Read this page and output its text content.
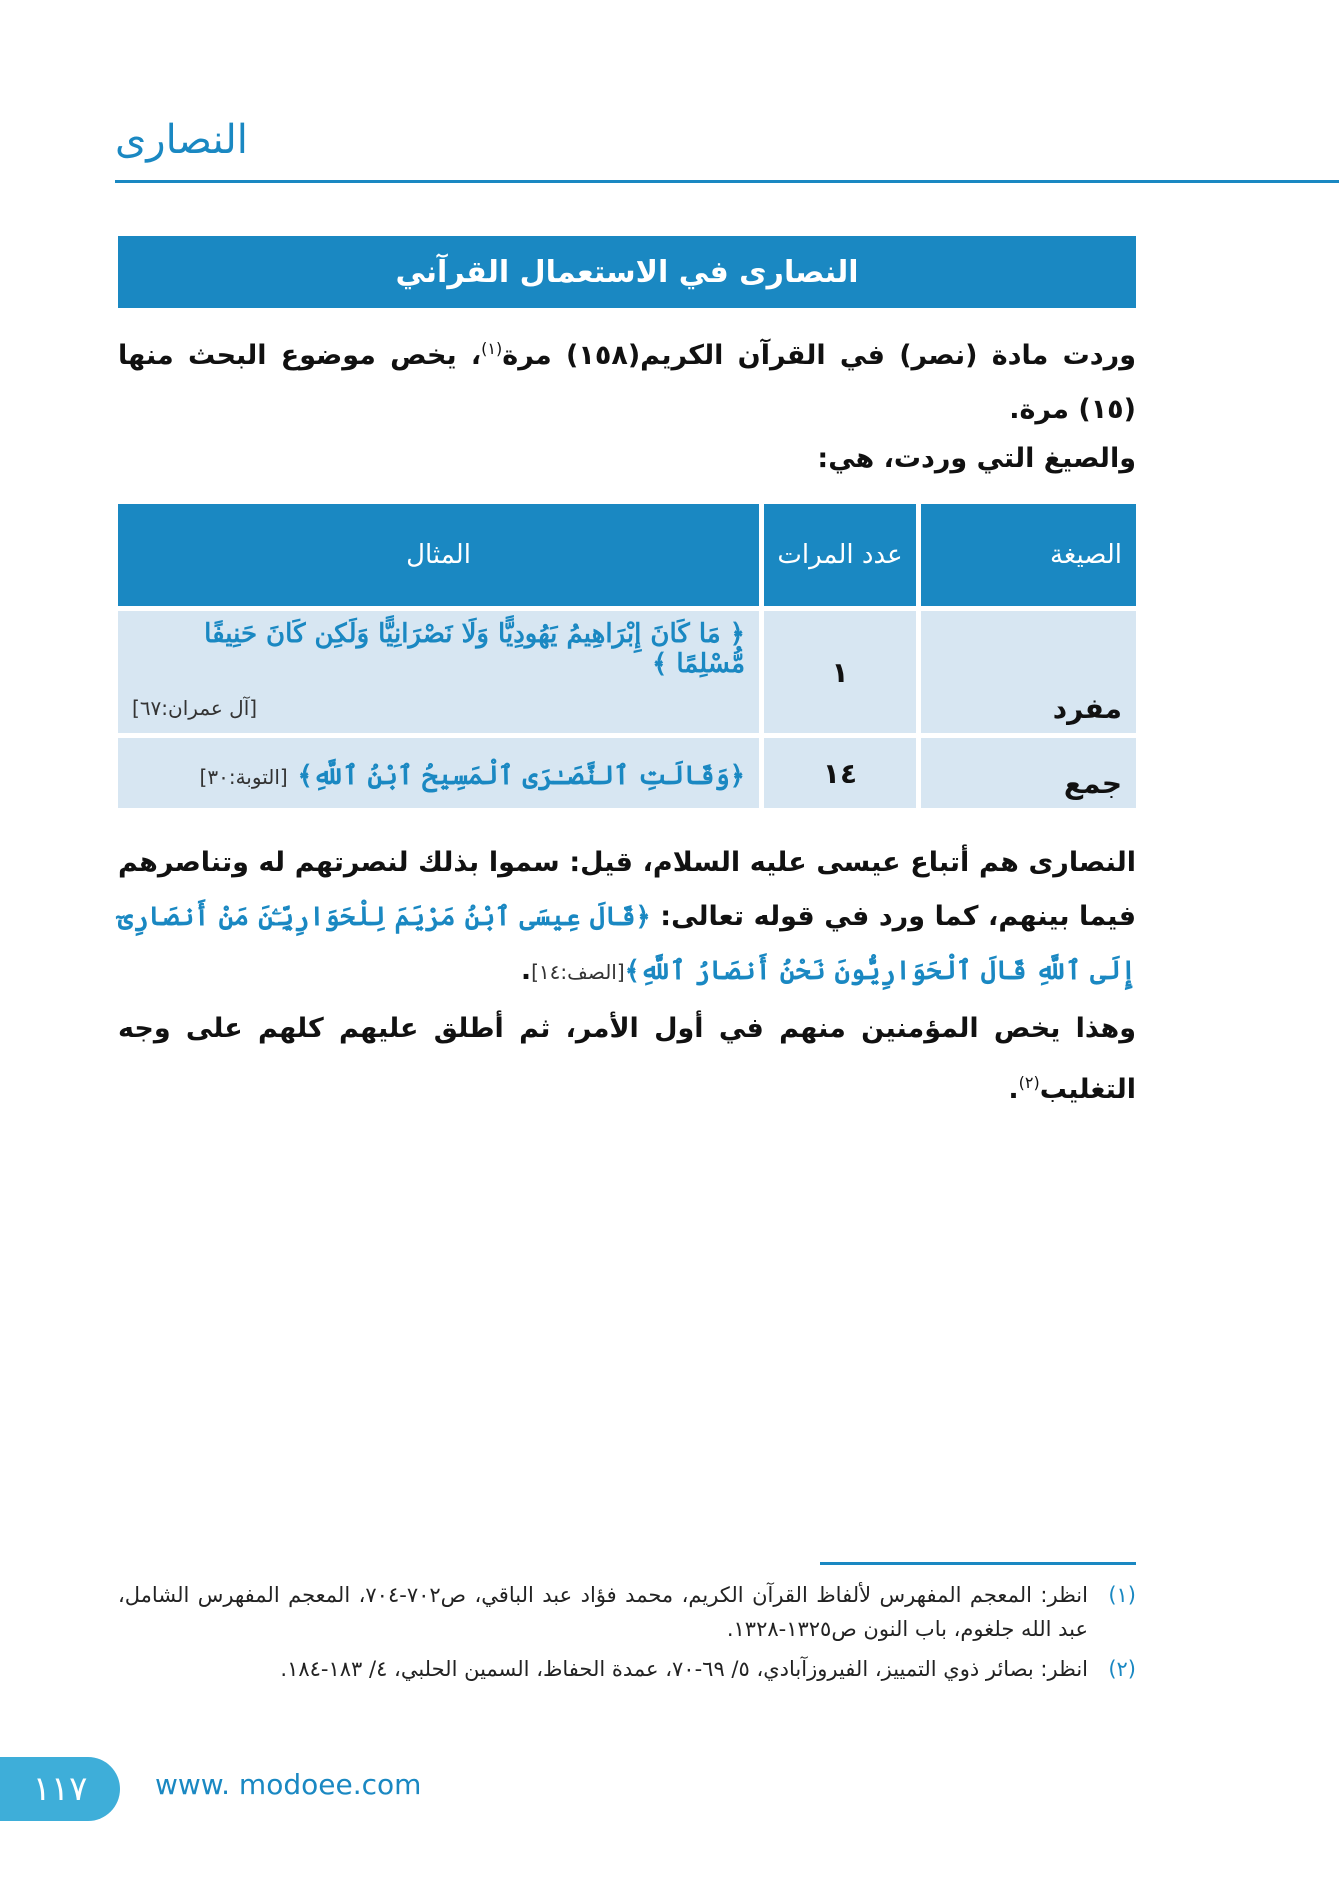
النصارى
النصارى في الاستعمال القرآني

وردت مادة (نصر) في القرآن الكريم(١٥٨) مرة$^{(١)}$، يخص موضوع البحث منها (١٥) مرة.

والصيغ التي وردت، هي:

الصيغة	عدد المرات	المثال
مفرد	١	﴿ مَا كَانَ إِبْرَاهِيمُ يَهُودِيًّا وَلَا نَصْرَانِيًّا وَلَكِن كَانَ حَنِيفًا مُّسْلِمًا ﴾
[آل عمران:٦٧]

جمع	١٤	﴿وَقَالَتِ ٱلنَّصَـٰرَى ٱلْمَسِيحُ ٱبْنُ ٱللَّهِ﴾ [التوبة:٣٠]

النصارى هم أتباع عيسى عليه السلام، قيل: سموا بذلك لنصرتهم له وتناصرهم فيما بينهم، كما ورد في قوله تعالى: ﴿قَالَ عِيسَى ٱبْنُ مَرْيَمَ لِلْحَوَارِيِّـۧنَ مَنْ أَنصَارِىٓ إِلَى ٱللَّهِ قَالَ ٱلْحَوَارِيُّونَ نَحْنُ أَنصَارُ ٱللَّهِ﴾[الصف:١٤].

وهذا يخص المؤمنين منهم في أول الأمر، ثم أطلق عليهم كلهم على وجه التغليب$^{(٢)}$.

(١)
انظر: المعجم المفهرس لألفاظ القرآن الكريم، محمد فؤاد عبد الباقي، ص٧٠٢-٧٠٤، المعجم المفهرس الشامل، عبد الله جلغوم، باب النون ص١٣٢٥-١٣٢٨.
(٢)
انظر: بصائر ذوي التمييز، الفيروزآبادي، ٥/ ٦٩-٧٠، عمدة الحفاظ، السمين الحلبي، ٤/ ١٨٣-١٨٤.
١١٧	www. modoee.com
